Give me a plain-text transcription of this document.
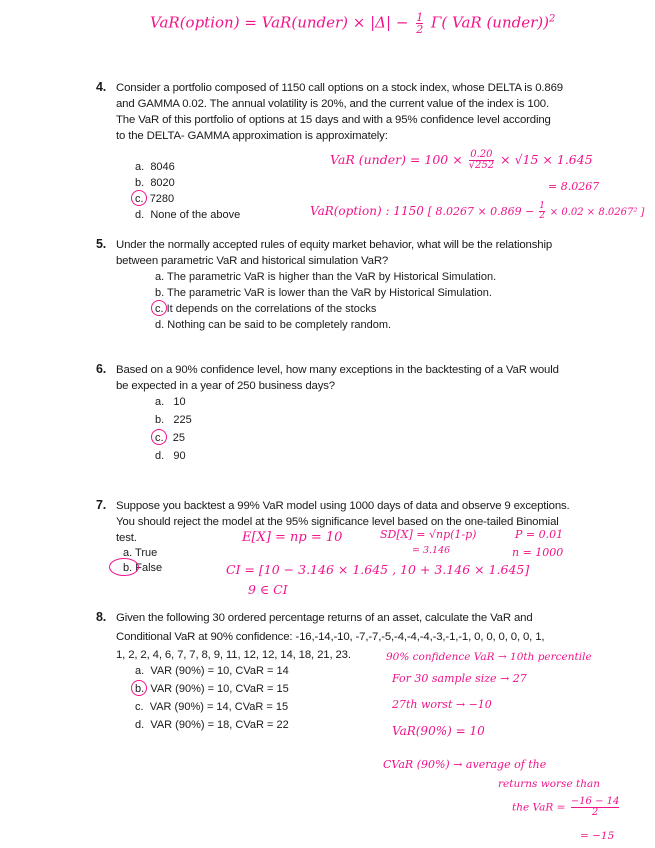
VaR(option) = VaR(under) × $|\Delta| - \frac{1}{2} \Gamma$( VaR (under))$^2$
4. Consider a portfolio composed of 1150 call options on a stock index, whose DELTA is 0.869
and GAMMA 0.02. The annual volatility is 20%, and the current value of the index is 100.
The VaR of this portfolio of options at 15 days and with a 95% confidence level according
to the DELTA- GAMMA approximation is approximately:
a. 8046
b. 8020
c. 7280
d. None of the above
VaR (under) = $100 \times \frac{0.20}{√252} \times √15 \times 1.645$
= 8.0267
VaR(option) : 1150 [ $8.0267 \times 0.869 - \frac{1}{2} \times 0.02 \times 8.0267^2$ ]
5. Under the normally accepted rules of equity market behavior, what will be the relationship
between parametric VaR and historical simulation VaR?
a. The parametric VaR is higher than the VaR by Historical Simulation.
b. The parametric VaR is lower than the VaR by Historical Simulation.
c. It depends on the correlations of the stocks
d. Nothing can be said to be completely random.
6. Based on a 90% confidence level, how many exceptions in the backtesting of a VaR would
be expected in a year of 250 business days?
a. 10
b. 225
c. 25
d. 90
7. Suppose you backtest a 99% VaR model using 1000 days of data and observe 9 exceptions.
You should reject the model at the 95% significance level based on the one-tailed Binomial
test.
a. True
b. False
E[X] = np = 10	SD[X] = √np(1-p)
= 3.146
P = 0.01
n = 1000
CI = [10 − 3.146 × 1.645 , 10 + 3.146 × 1.645]
9 ∈ CI
8. Given the following 30 ordered percentage returns of an asset, calculate the VaR and
Conditional VaR at 90% confidence: -16,-14,-10, -7,-7,-5,-4,-4,-4,-3,-1,-1, 0, 0, 0, 0, 0, 1,
1, 2, 2, 4, 6, 7, 7, 8, 9, 11, 12, 12, 14, 18, 21, 23.
a. VAR (90%) = 10, CVaR = 14
b. VAR (90%) = 10, CVaR = 15
c. VAR (90%) = 14, CVaR = 15
d. VAR (90%) = 18, CVaR = 22
90% confidence VaR → 10th percentile
For 30 sample size → 27
27th worst → −10
VaR(90%) = 10
CVaR (90%) → average of the
returns worse than
the VaR = $\frac{-16 - 14}{2}$
= −15
